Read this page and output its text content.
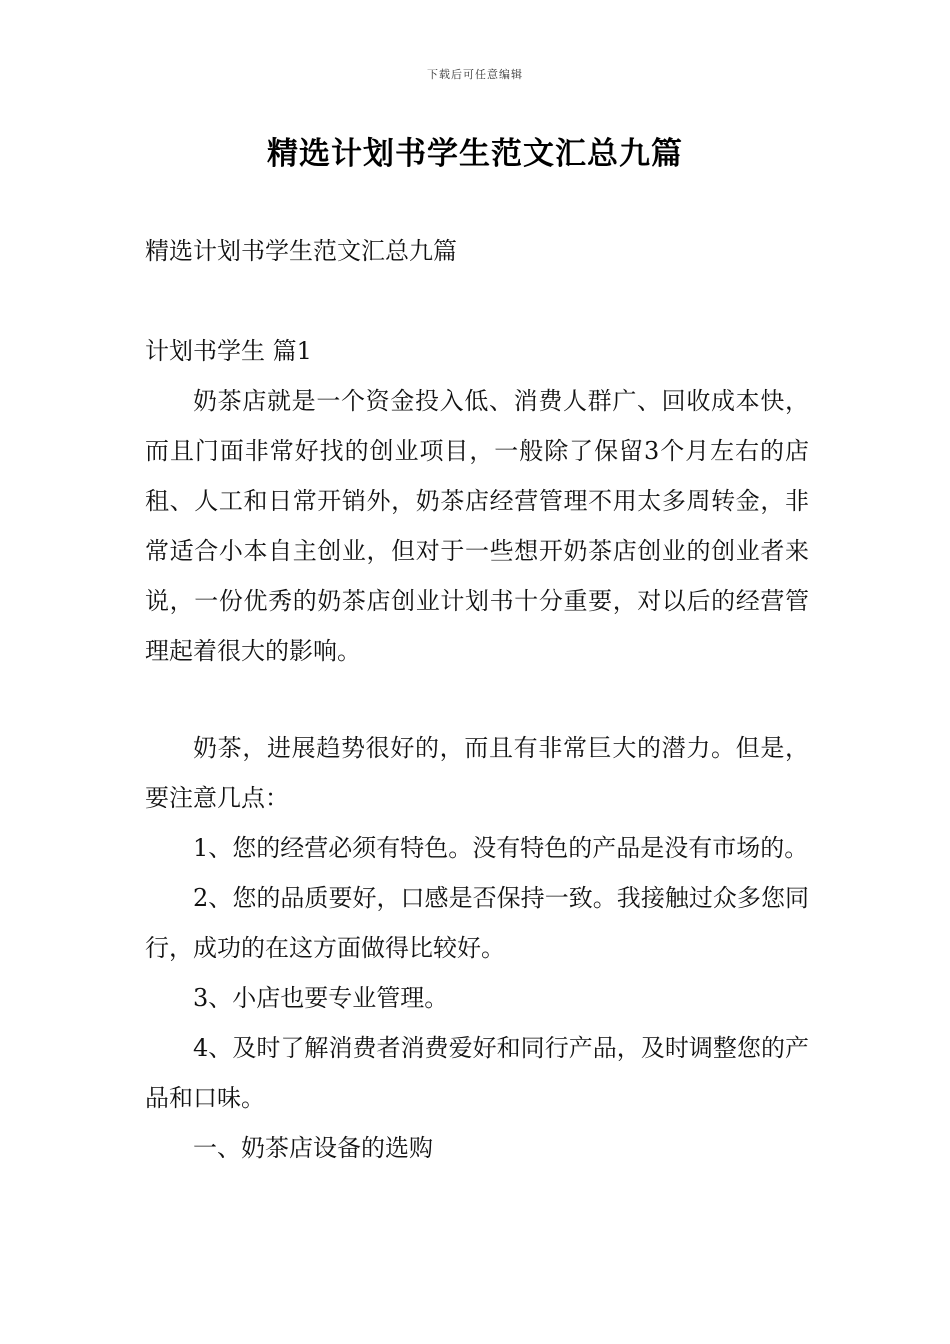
下载后可任意编辑
精选计划书学生范文汇总九篇

精选计划书学生范文汇总九篇

计划书学生 篇1

奶茶店就是一个资金投入低、消费人群广、回收成本快，而且门面非常好找的创业项目，一般除了保留3个月左右的店租、人工和日常开销外，奶茶店经营管理不用太多周转金，非常适合小本自主创业，但对于一些想开奶茶店创业的创业者来说，一份优秀的奶茶店创业计划书十分重要，对以后的经营管理起着很大的影响。

奶茶，进展趋势很好的，而且有非常巨大的潜力。但是，要注意几点：

1、您的经营必须有特色。没有特色的产品是没有市场的。

2、您的品质要好，口感是否保持一致。我接触过众多您同行，成功的在这方面做得比较好。

3、小店也要专业管理。

4、及时了解消费者消费爱好和同行产品，及时调整您的产品和口味。

一、奶茶店设备的选购
